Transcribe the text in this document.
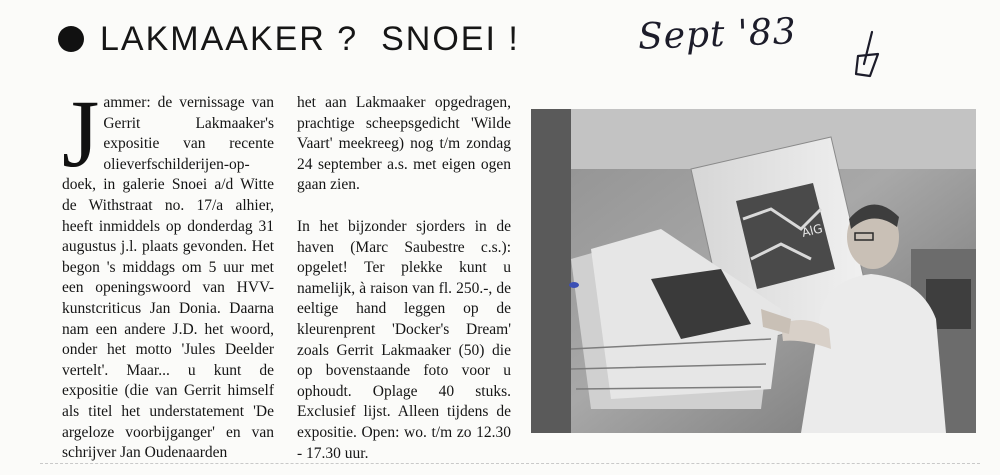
LAKMAAKER ?  SNOEI !	Sept '83
Jammer: de vernissage van Gerrit Lakmaaker's expositie van recente olieverfschilderijen-op-doek, in galerie Snoei a/d Witte de Withstraat no. 17/a alhier, heeft inmiddels op donderdag 31 augustus j.l. plaats gevonden. Het begon 's middags om 5 uur met een openingswoord van HVV-kunstcriticus Jan Donia. Daarna nam een andere J.D. het woord, onder het motto 'Jules Deelder vertelt'. Maar... u kunt de expositie (die van Gerrit himself als titel het understatement 'De argeloze voorbijganger' en van schrijver Jan Oudenaarden

het aan Lakmaaker opgedragen, prachtige scheepsgedicht 'Wilde Vaart' meekreeg) nog t/m zondag 24 september a.s. met eigen ogen gaan zien.

In het bijzonder sjorders in de haven (Marc Saubestre c.s.): opgelet! Ter plekke kunt u namelijk, à raison van fl. 250.-, de eeltige hand leggen op de kleurenprent 'Docker's Dream' zoals Gerrit Lakmaaker (50) die op bovenstaande foto voor u ophoudt. Oplage 40 stuks. Exclusief lijst. Alleen tijdens de expositie. Open: wo. t/m zo 12.30 - 17.30 uur.

AlG
